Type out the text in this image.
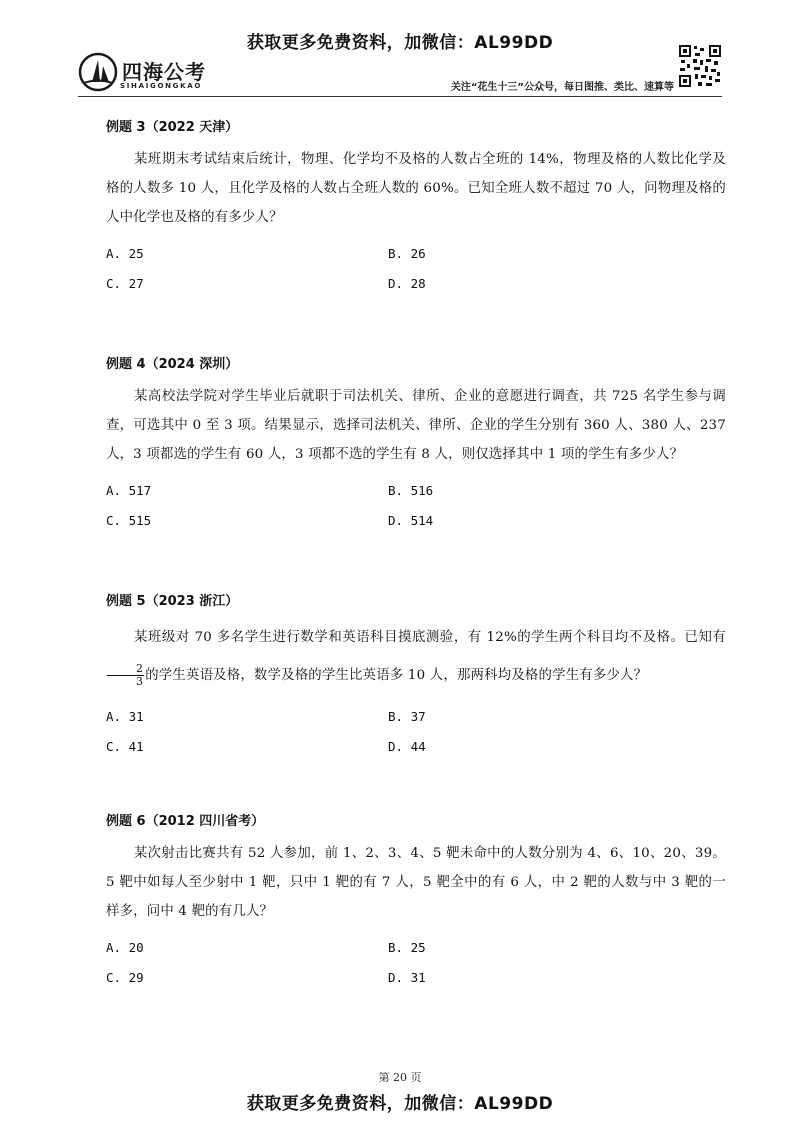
获取更多免费资料，加微信：AL99DD
四海公考
SIHAIGONGKAO	关注“花生十三”公众号，每日图推、类比、速算等

例题 3（2022 天津）

某班期末考试结束后统计，物理、化学均不及格的人数占全班的 14%，物理及格的人数比化学及格的人数多 10 人，且化学及格的人数占全班人数的 60%。已知全班人数不超过 70 人，问物理及格的人中化学也及格的有多少人？

A. 25	B. 26
C. 27	D. 28

例题 4（2024 深圳）

某高校法学院对学生毕业后就职于司法机关、律所、企业的意愿进行调查，共 725 名学生参与调查，可选其中 0 至 3 项。结果显示，选择司法机关、律所、企业的学生分别有 360 人、380 人、237 人，3 项都选的学生有 60 人，3 项都不选的学生有 8 人，则仅选择其中 1 项的学生有多少人？

A. 517	B. 516
C. 515	D. 514

例题 5（2023 浙江）

某班级对 70 多名学生进行数学和英语科目摸底测验，有 12%的学生两个科目均不及格。已知有
$\frac{2}{3}$ 的学生英语及格，数学及格的学生比英语多 10 人，那两科均及格的学生有多少人？

A. 31	B. 37
C. 41	D. 44

例题 6（2012 四川省考）

某次射击比赛共有 52 人参加，前 1、2、3、4、5 靶未命中的人数分别为 4、6、10、20、39。5 靶中如每人至少射中 1 靶，只中 1 靶的有 7 人，5 靶全中的有 6 人，中 2 靶的人数与中 3 靶的一样多，问中 4 靶的有几人？

A. 20	B. 25
C. 29	D. 31
第 20 页
获取更多免费资料，加微信：AL99DD
